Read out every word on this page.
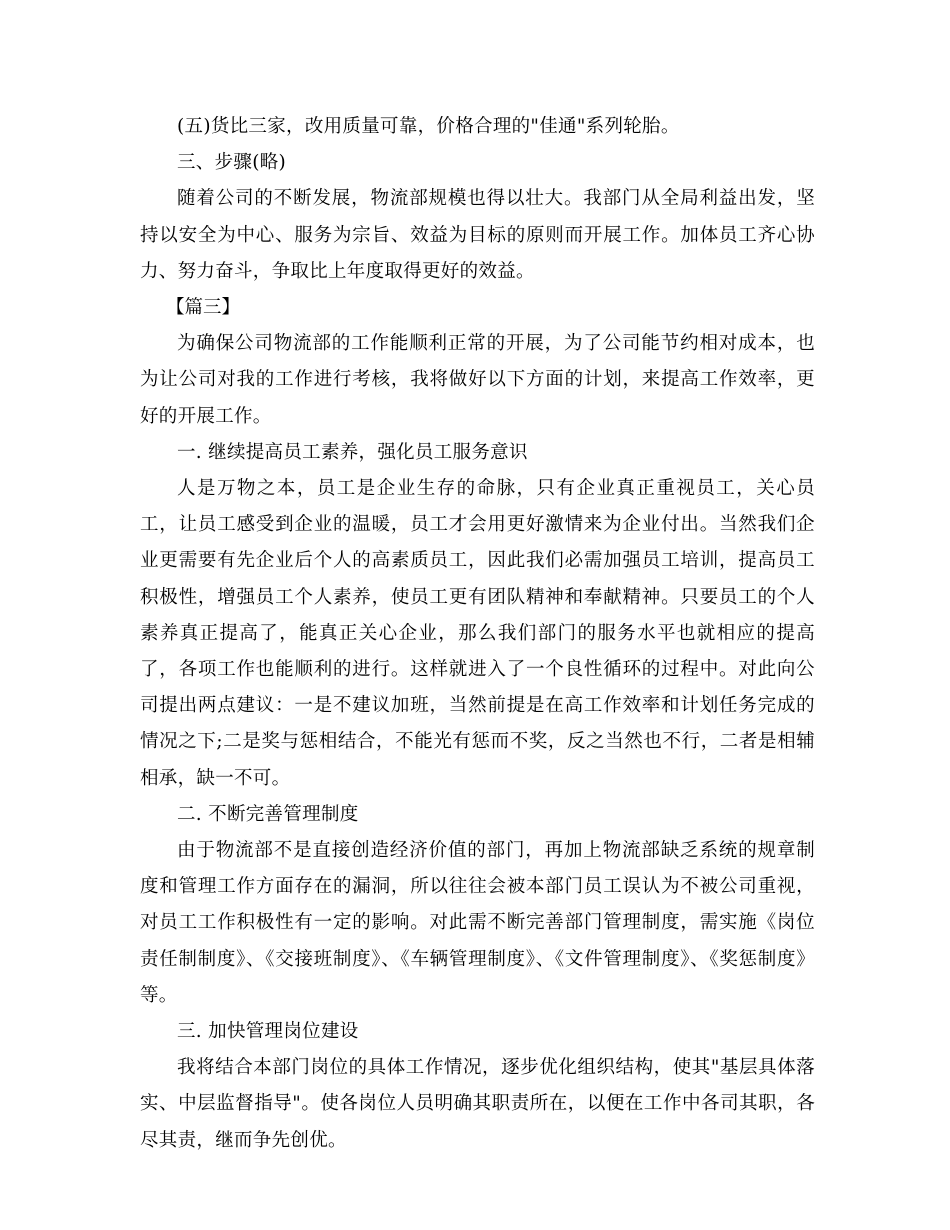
(五)货比三家，改用质量可靠，价格合理的"佳通"系列轮胎。

三、步骤(略)

随着公司的不断发展，物流部规模也得以壮大。我部门从全局利益出发，坚持以安全为中心、服务为宗旨、效益为目标的原则而开展工作。加体员工齐心协力、努力奋斗，争取比上年度取得更好的效益。

【篇三】

为确保公司物流部的工作能顺利正常的开展，为了公司能节约相对成本，也为让公司对我的工作进行考核，我将做好以下方面的计划，来提高工作效率，更好的开展工作。

一. 继续提高员工素养，强化员工服务意识

人是万物之本，员工是企业生存的命脉，只有企业真正重视员工，关心员工，让员工感受到企业的温暖，员工才会用更好激情来为企业付出。当然我们企业更需要有先企业后个人的高素质员工，因此我们必需加强员工培训，提高员工积极性，增强员工个人素养，使员工更有团队精神和奉献精神。只要员工的个人素养真正提高了，能真正关心企业，那么我们部门的服务水平也就相应的提高了，各项工作也能顺利的进行。这样就进入了一个良性循环的过程中。对此向公司提出两点建议：一是不建议加班，当然前提是在高工作效率和计划任务完成的情况之下;二是奖与惩相结合，不能光有惩而不奖，反之当然也不行，二者是相辅相承，缺一不可。

二. 不断完善管理制度

由于物流部不是直接创造经济价值的部门，再加上物流部缺乏系统的规章制度和管理工作方面存在的漏洞，所以往往会被本部门员工误认为不被公司重视，对员工工作积极性有一定的影响。对此需不断完善部门管理制度，需实施《岗位责任制制度》、《交接班制度》、《车辆管理制度》、《文件管理制度》、《奖惩制度》等。

三. 加快管理岗位建设

我将结合本部门岗位的具体工作情况，逐步优化组织结构，使其"基层具体落实、中层监督指导"。使各岗位人员明确其职责所在，以便在工作中各司其职，各尽其责，继而争先创优。
